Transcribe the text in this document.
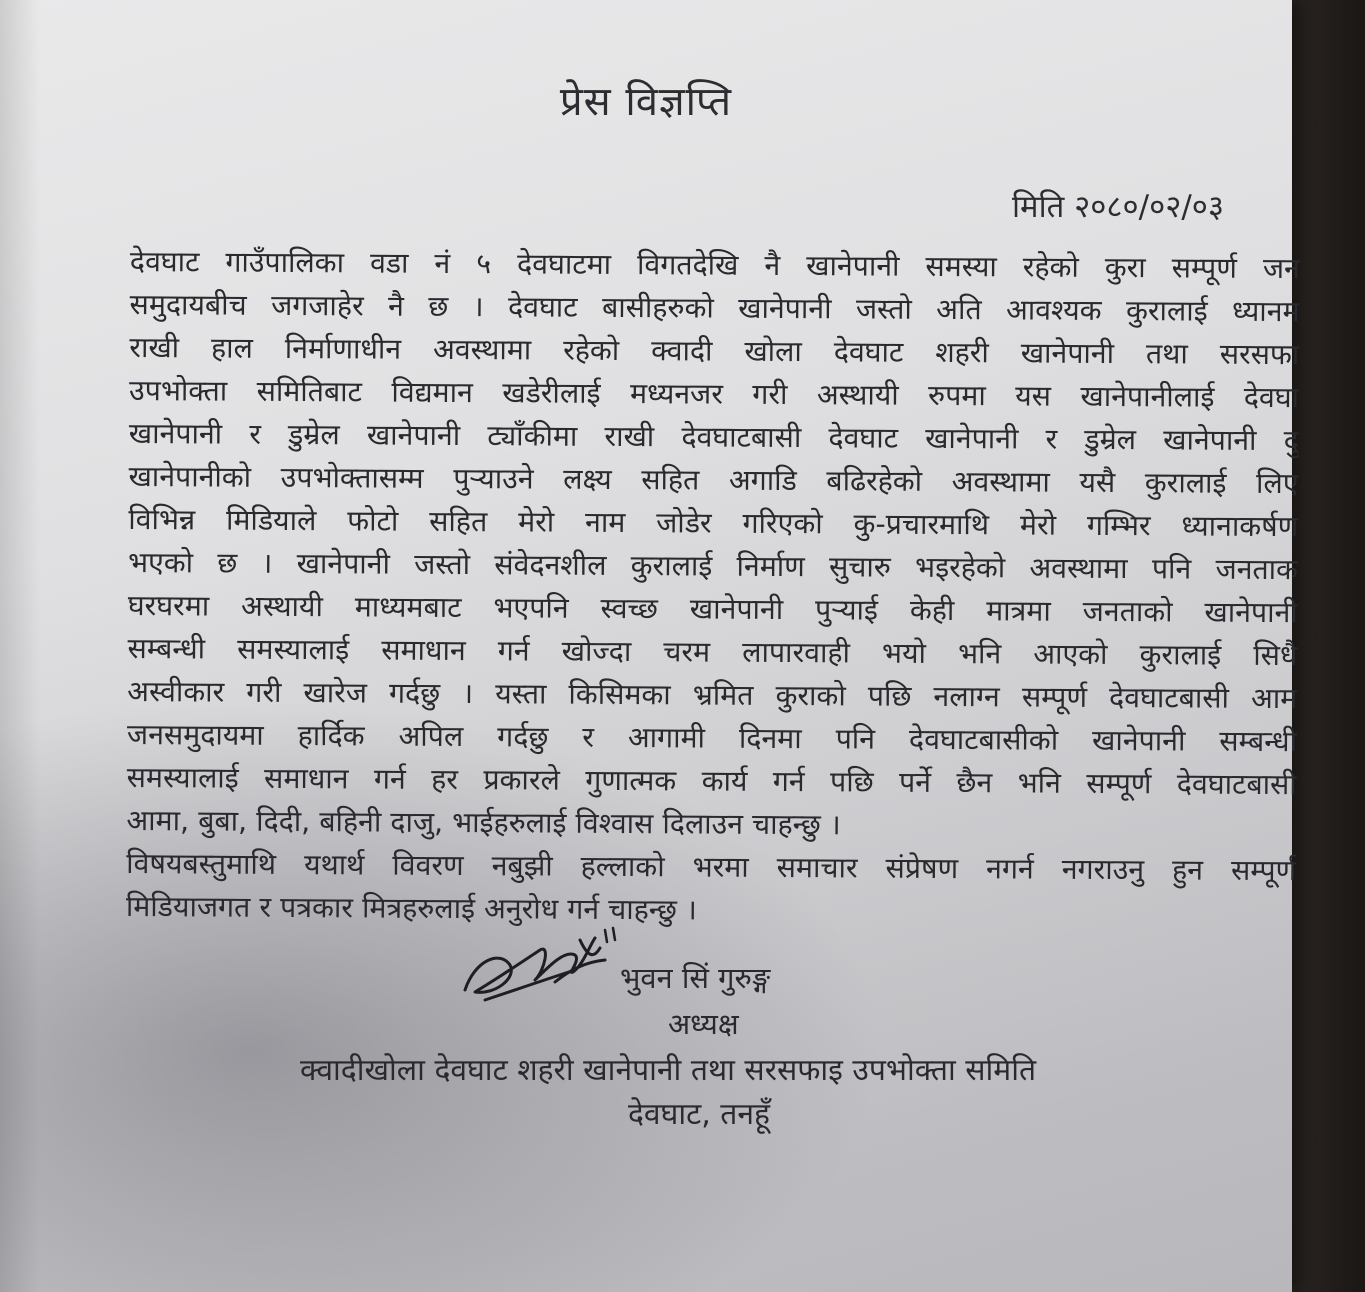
प्रेस विज्ञप्ति
मिति २०८०/०२/०३
देवघाट गाउँपालिका वडा नं ५ देवघाटमा विगतदेखि नै खानेपानी समस्या रहेको कुरा सम्पूर्ण जन
समुदायबीच जगजाहेर नै छ । देवघाट बासीहरुको खानेपानी जस्तो अति आवश्यक कुरालाई ध्यानम
राखी हाल निर्माणाधीन अवस्थामा रहेको क्वादी खोला देवघाट शहरी खानेपानी तथा सरसफा
उपभोक्ता समितिबाट विद्यमान खडेरीलाई मध्यनजर गरी अस्थायी रुपमा यस खानेपानीलाई देवघा
खानेपानी र डुम्रेल खानेपानी ट्याँकीमा राखी देवघाटबासी देवघाट खानेपानी र डुम्रेल खानेपानी दु
खानेपानीको उपभोक्तासम्म पुऱ्याउने लक्ष्य सहित अगाडि बढिरहेको अवस्थामा यसै कुरालाई लिए
विभिन्न मिडियाले फोटो सहित मेरो नाम जोडेर गरिएको कु-प्रचारमाथि मेरो गम्भिर ध्यानाकर्षण
भएको छ । खानेपानी जस्तो संवेदनशील कुरालाई निर्माण सुचारु भइरहेको अवस्थामा पनि जनताक
घरघरमा अस्थायी माध्यमबाट भएपनि स्वच्छ खानेपानी पुऱ्याई केही मात्रमा जनताको खानेपानी
सम्बन्धी समस्यालाई समाधान गर्न खोज्दा चरम लापारवाही भयो भनि आएको कुरालाई सिधै
अस्वीकार गरी खारेज गर्दछु । यस्ता किसिमका भ्रमित कुराको पछि नलाग्न सम्पूर्ण देवघाटबासी आम
जनसमुदायमा हार्दिक अपिल गर्दछु र आगामी दिनमा पनि देवघाटबासीको खानेपानी सम्बन्धी
समस्यालाई समाधान गर्न हर प्रकारले गुणात्मक कार्य गर्न पछि पर्ने छैन भनि सम्पूर्ण देवघाटबासी
आमा, बुबा, दिदी, बहिनी दाजु, भाईहरुलाई विश्वास दिलाउन चाहन्छु ।
विषयबस्तुमाथि यथार्थ विवरण नबुझी हल्लाको भरमा समाचार संप्रेषण नगर्न नगराउनु हुन सम्पूर्ण
मिडियाजगत र पत्रकार मित्रहरुलाई अनुरोध गर्न चाहन्छु ।
भुवन सिं गुरुङ्ग
अध्यक्ष
क्वादीखोला देवघाट शहरी खानेपानी तथा सरसफाइ उपभोक्ता समिति
देवघाट, तनहूँ
